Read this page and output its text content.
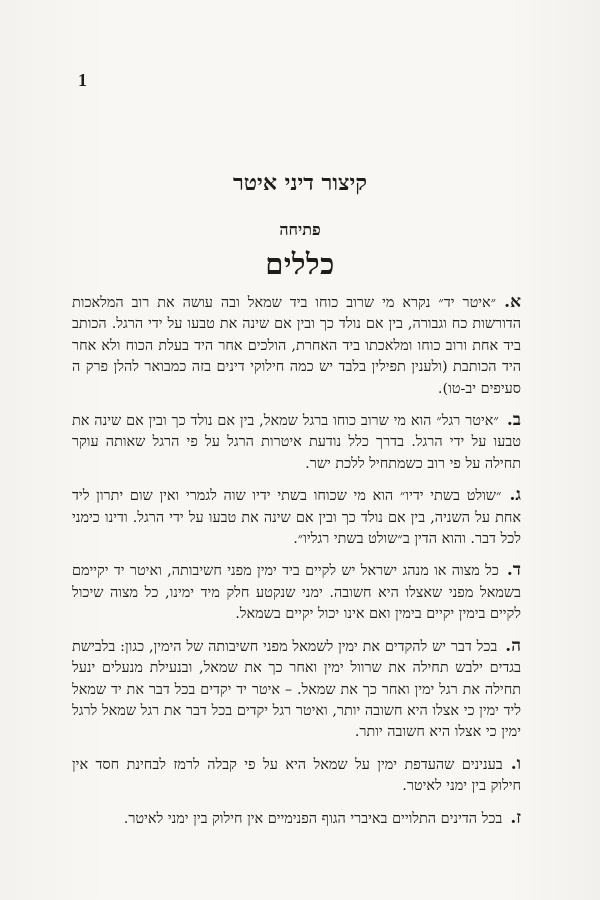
1
קיצור דיני איטר
פתיחה
כללים

א.״איטר יד״ נקרא מי שרוב כוחו ביד שמאל ובה עושה את רוב המלאכות הדורשות כח וגבורה, בין אם נולד כך ובין אם שינה את טבעו על ידי הרגל. הכותב ביד אחת ורוב כוחו ומלאכתו ביד האחרת, הולכים אחר היד בעלת הכוח ולא אחר היד הכותבת (ולענין תפילין בלבד יש כמה חילוקי דינים בזה כמבואר להלן פרק ה סעיפים יב-טו).

ב.״איטר רגל״ הוא מי שרוב כוחו ברגל שמאל, בין אם נולד כך ובין אם שינה את טבעו על ידי הרגל. בדרך כלל נודעת איטרות הרגל על פי הרגל שאותה עוקר תחילה על פי רוב כשמתחיל ללכת ישר.

ג.״שולט בשתי ידיו״ הוא מי שכוחו בשתי ידיו שוה לגמרי ואין שום יתרון ליד אחת על השניה, בין אם נולד כך ובין אם שינה את טבעו על ידי הרגל. ודינו כימני לכל דבר. והוא הדין ב״שולט בשתי רגליו״.

ד.כל מצוה או מנהג ישראל יש לקיים ביד ימין מפני חשיבותה, ואיטר יד יקיימם בשמאל מפני שאצלו היא חשובה. ימני שנקטע חלק מיד ימינו, כל מצוה שיכול לקיים בימין יקיים בימין ואם אינו יכול יקיים בשמאל.

ה.בכל דבר יש להקדים את ימין לשמאל מפני חשיבותה של הימין, כגון: בלבישת בגדים ילבש תחילה את שרוול ימין ואחר כך את שמאל, ובנעילת מנעלים ינעל תחילה את רגל ימין ואחר כך את שמאל. – איטר יד יקדים בכל דבר את יד שמאל ליד ימין כי אצלו היא חשובה יותר, ואיטר רגל יקדים בכל דבר את רגל שמאל לרגל ימין כי אצלו היא חשובה יותר.

ו.בענינים שהעדפת ימין על שמאל היא על פי קבלה לרמז לבחינת חסד אין חילוק בין ימני לאיטר.

ז.בכל הדינים התלויים באיברי הגוף הפנימיים אין חילוק בין ימני לאיטר.
